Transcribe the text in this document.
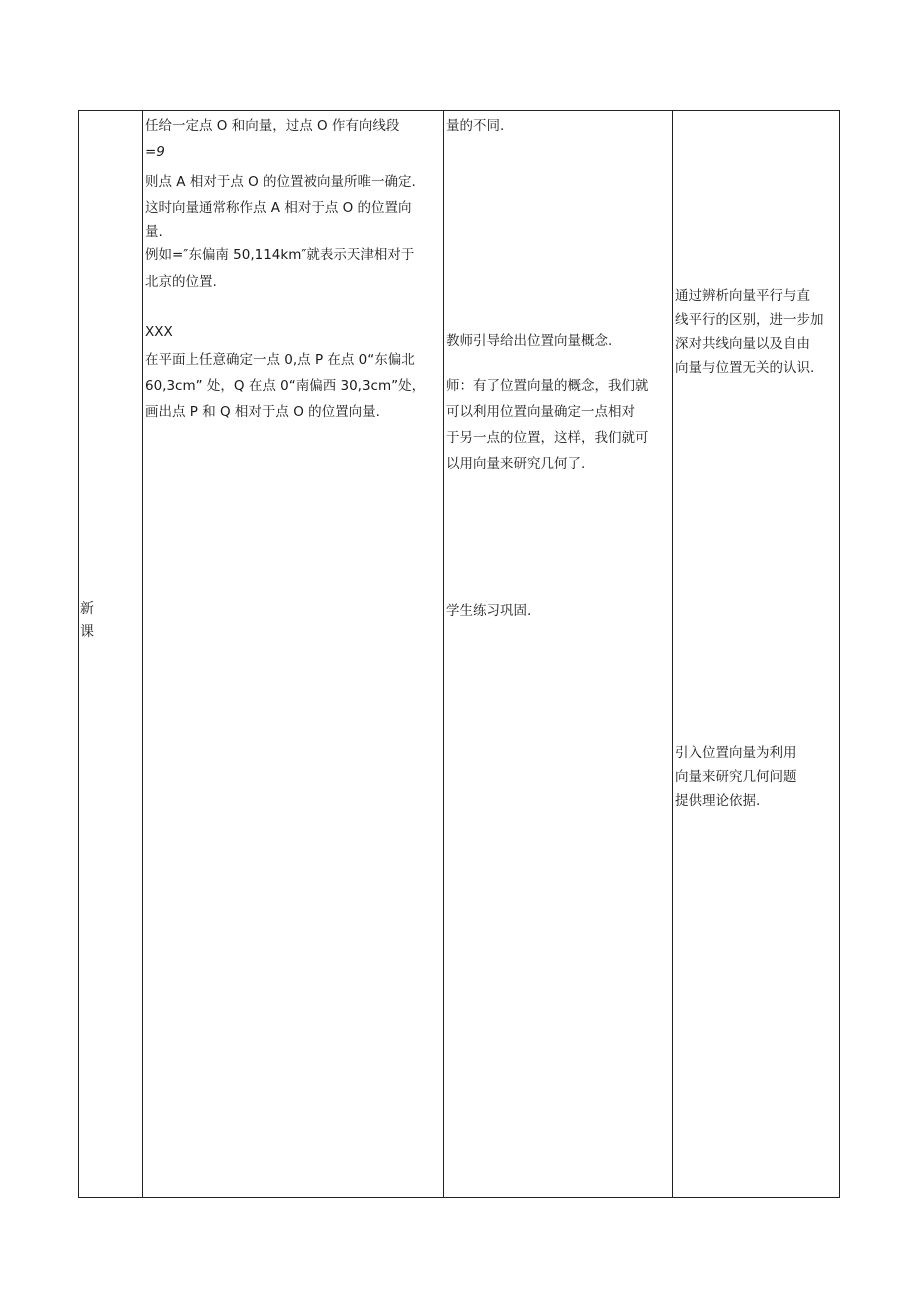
新课

任给一定点 O 和向量，过点 O 作有向线段

=9

则点 A 相对于点 O 的位置被向量所唯一确定.

这时向量通常称作点 A 相对于点 O 的位置向

量.

例如=″东偏南 50,114km″就表示天津相对于

北京的位置.

XXX

在平面上任意确定一点 0,点 P 在点 0“东偏北

60,3cm” 处，Q 在点 0“南偏西 30,3cm”处，

画出点 P 和 Q 相对于点 O 的位置向量.

量的不同.

教师引导给出位置向量概念.

师：有了位置向量的概念，我们就

可以利用位置向量确定一点相对

于另一点的位置，这样，我们就可

以用向量来研究几何了.

学生练习巩固.

通过辨析向量平行与直

线平行的区别，进一步加

深对共线向量以及自由

向量与位置无关的认识.

引入位置向量为利用

向量来研究几何问题

提供理论依据.
